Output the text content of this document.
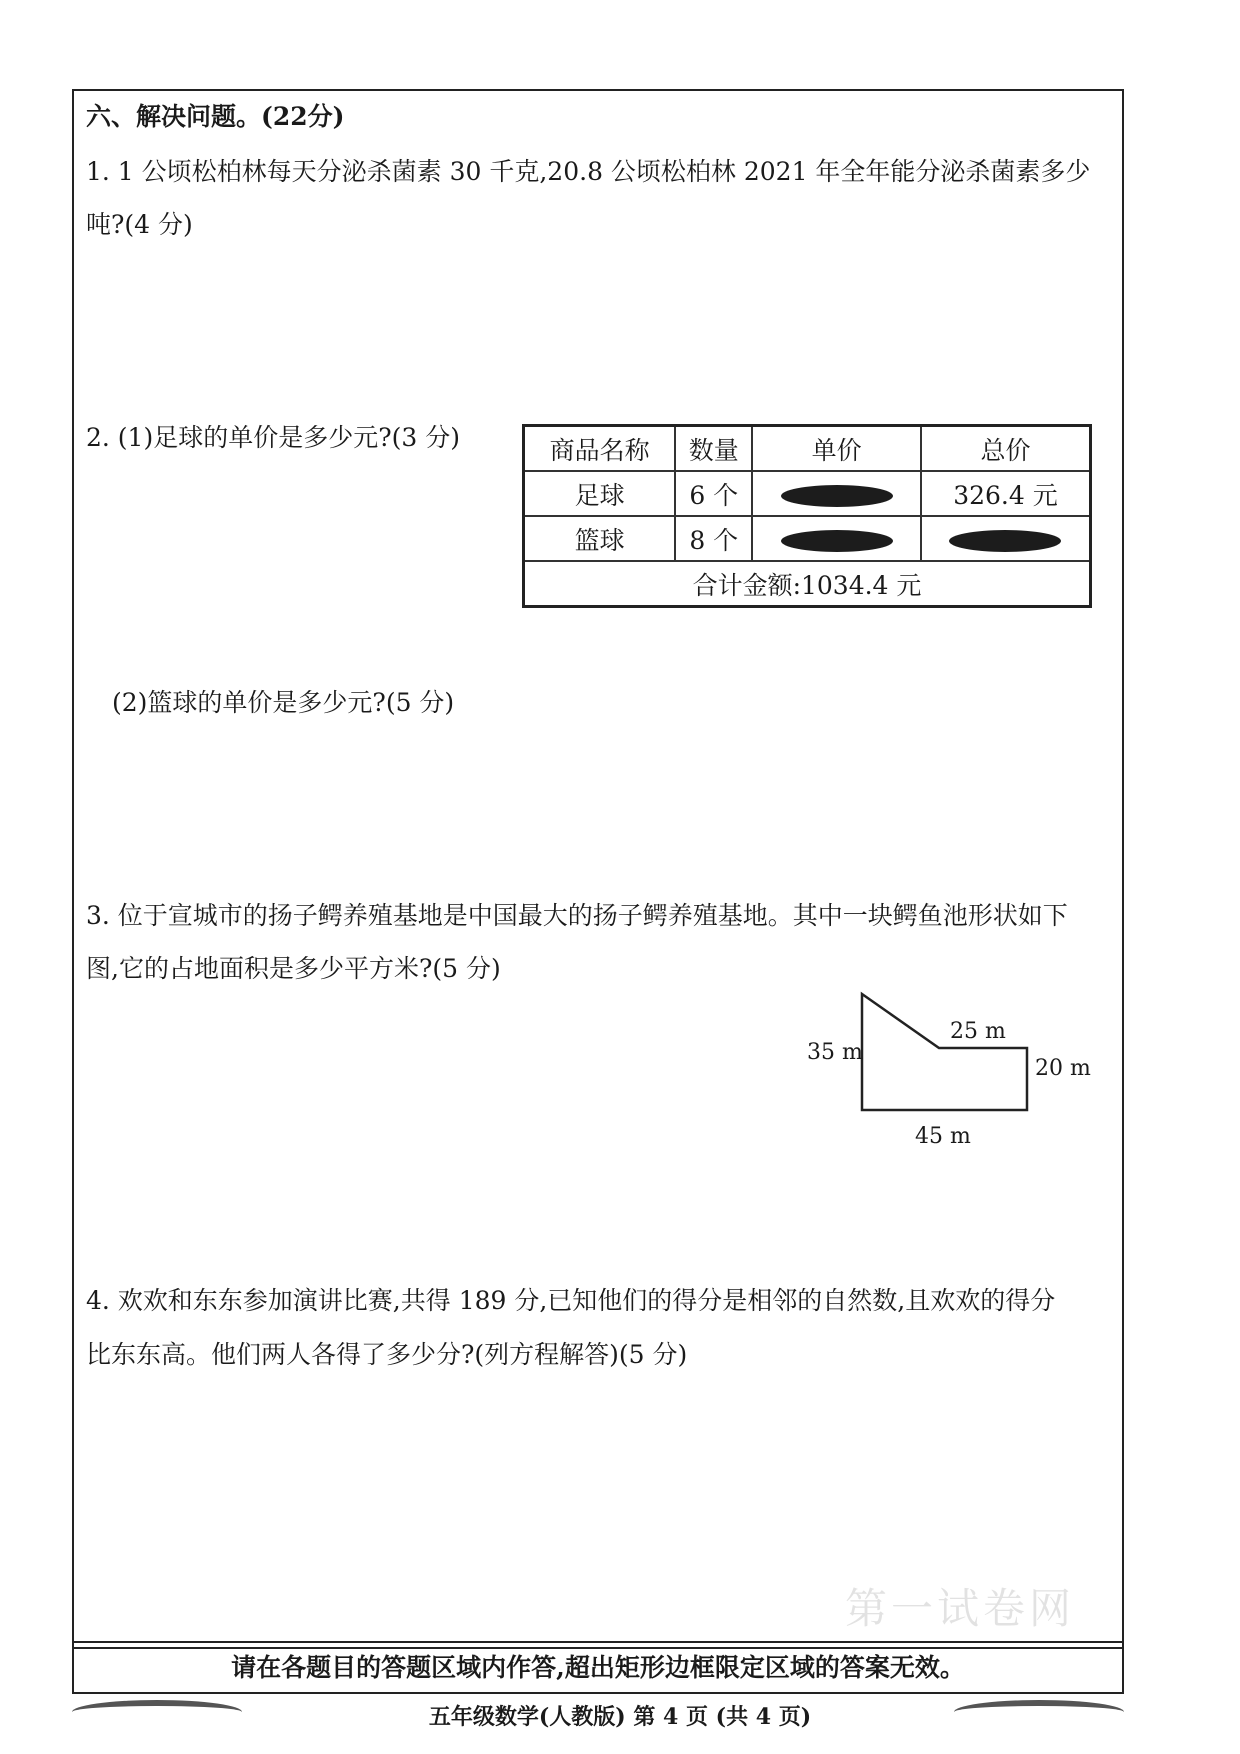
六、解决问题。(22分)
1. 1 公顷松柏林每天分泌杀菌素 30 千克,20.8 公顷松柏林 2021 年全年能分泌杀菌素多少
吨?(4 分)
2. (1)足球的单价是多少元?(3 分)	商品名称	数量	单价	总价
足球	6 个		326.4 元
篮球	8 个		
合计金额:1034.4 元			
(2)篮球的单价是多少元?(5 分)
3. 位于宣城市的扬子鳄养殖基地是中国最大的扬子鳄养殖基地。其中一块鳄鱼池形状如下
图,它的占地面积是多少平方米?(5 分)
35 m
25 m
20 m
45 m
4. 欢欢和东东参加演讲比赛,共得 189 分,已知他们的得分是相邻的自然数,且欢欢的得分
比东东高。他们两人各得了多少分?(列方程解答)(5 分)
第一试卷网
请在各题目的答题区域内作答,超出矩形边框限定区域的答案无效。
五年级数学(人教版) 第 4 页 (共 4 页)
